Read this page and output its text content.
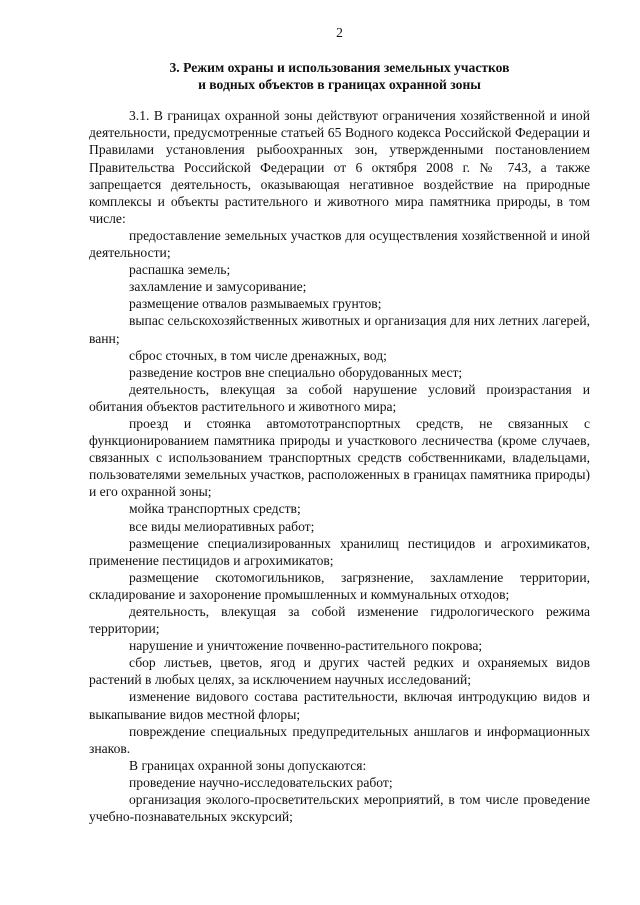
2

3. Режим охраны и использования земельных участков

и водных объектов в границах охранной зоны

3.1. В границах охранной зоны действуют ограничения хозяйственной и иной деятельности, предусмотренные статьей 65 Водного кодекса Российской Федерации и Правилами установления рыбоохранных зон, утвержденными постановлением Правительства Российской Федерации от 6 октября 2008 г. № 743, а также запрещается деятельность, оказывающая негативное воздействие на природные комплексы и объекты растительного и животного мира памятника природы, в том числе:

предоставление земельных участков для осуществления хозяйственной и иной деятельности;

распашка земель;

захламление и замусоривание;

размещение отвалов размываемых грунтов;

выпас сельскохозяйственных животных и организация для них летних лагерей, ванн;

сброс сточных, в том числе дренажных, вод;

разведение костров вне специально оборудованных мест;

деятельность, влекущая за собой нарушение условий произрастания и обитания объектов растительного и животного мира;

проезд и стоянка автомототранспортных средств, не связанных с функционированием памятника природы и участкового лесничества (кроме случаев, связанных с использованием транспортных средств собственниками, владельцами, пользователями земельных участков, расположенных в границах памятника природы) и его охранной зоны;

мойка транспортных средств;

все виды мелиоративных работ;

размещение специализированных хранилищ пестицидов и агрохимикатов, применение пестицидов и агрохимикатов;

размещение скотомогильников, загрязнение, захламление территории, складирование и захоронение промышленных и коммунальных отходов;

деятельность, влекущая за собой изменение гидрологического режима территории;

нарушение и уничтожение почвенно-растительного покрова;

сбор листьев, цветов, ягод и других частей редких и охраняемых видов растений в любых целях, за исключением научных исследований;

изменение видового состава растительности, включая интродукцию видов и выкапывание видов местной флоры;

повреждение специальных предупредительных аншлагов и информационных знаков.

В границах охранной зоны допускаются:

проведение научно-исследовательских работ;

организация эколого-просветительских мероприятий, в том числе проведение учебно-познавательных экскурсий;
